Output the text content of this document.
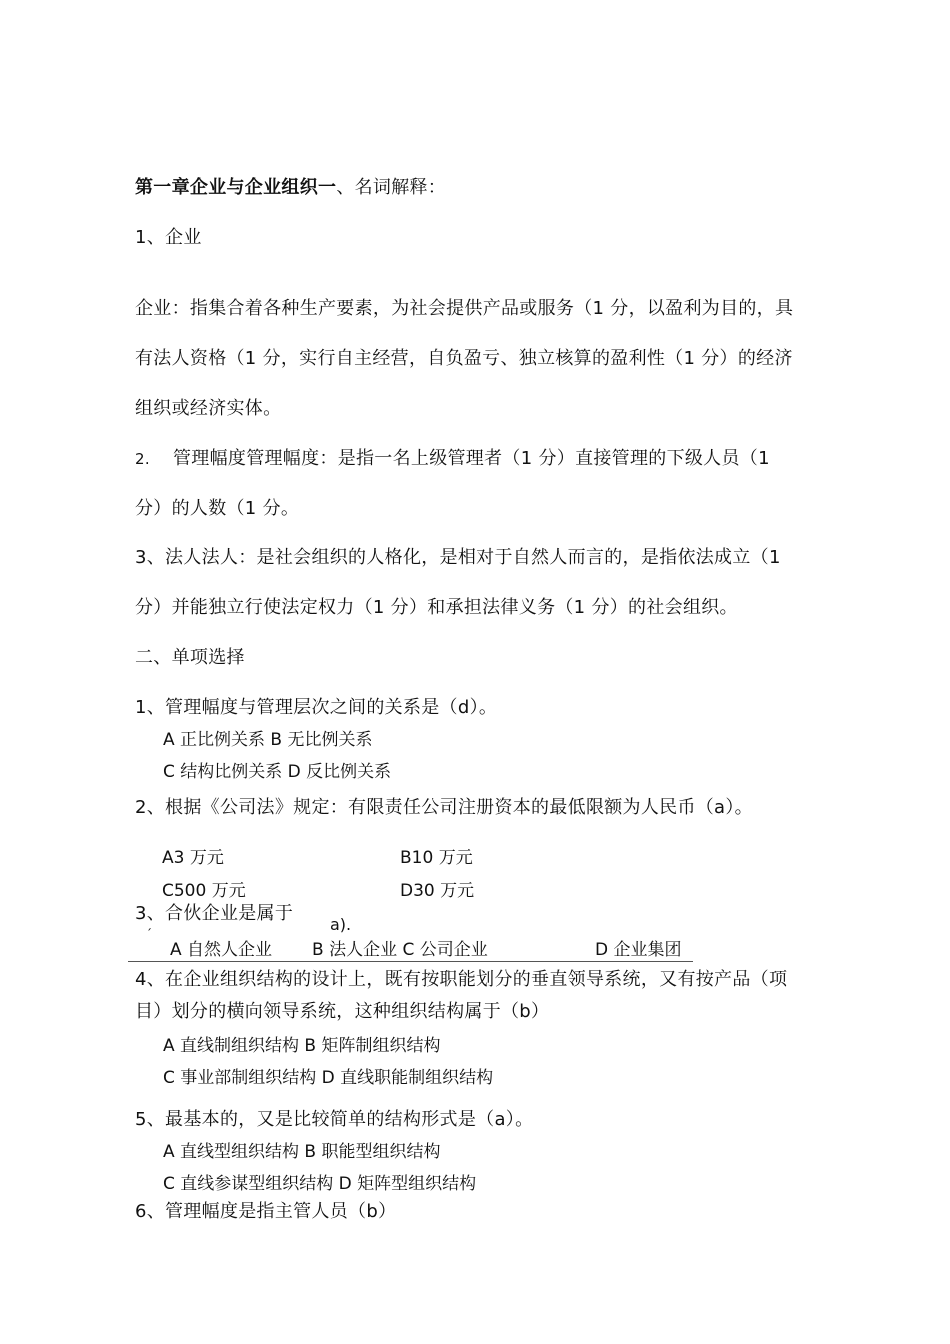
第一章企业与企业组织一、名词解释：
1、企业
企业：指集合着各种生产要素，为社会提供产品或服务（1 分，以盈利为目的，具
有法人资格（1 分，实行自主经营，自负盈亏、独立核算的盈利性（1 分）的经济
组织或经济实体。
2. 管理幅度管理幅度：是指一名上级管理者（1 分）直接管理的下级人员（1
分）的人数（1 分。
3、法人法人：是社会组织的人格化，是相对于自然人而言的，是指依法成立（1
分）并能独立行使法定权力（1 分）和承担法律义务（1 分）的社会组织。
二、单项选择
1、管理幅度与管理层次之间的关系是（d）。
A 正比例关系 B 无比例关系
C 结构比例关系 D 反比例关系
2、根据《公司法》规定：有限责任公司注册资本的最低限额为人民币（a）。
A3 万元	B10 万元
C500 万元	D30 万元
3、合伙企业是属于
a).
ˊ
A 自然人企业 B 法人企业 C 公司企业	D 企业集团
4、在企业组织结构的设计上，既有按职能划分的垂直领导系统，又有按产品（项
目）划分的横向领导系统，这种组织结构属于（b）
A 直线制组织结构 B 矩阵制组织结构
C 事业部制组织结构 D 直线职能制组织结构
5、最基本的，又是比较简单的结构形式是（a）。
A 直线型组织结构 B 职能型组织结构
C 直线参谋型组织结构 D 矩阵型组织结构
6、管理幅度是指主管人员（b）
